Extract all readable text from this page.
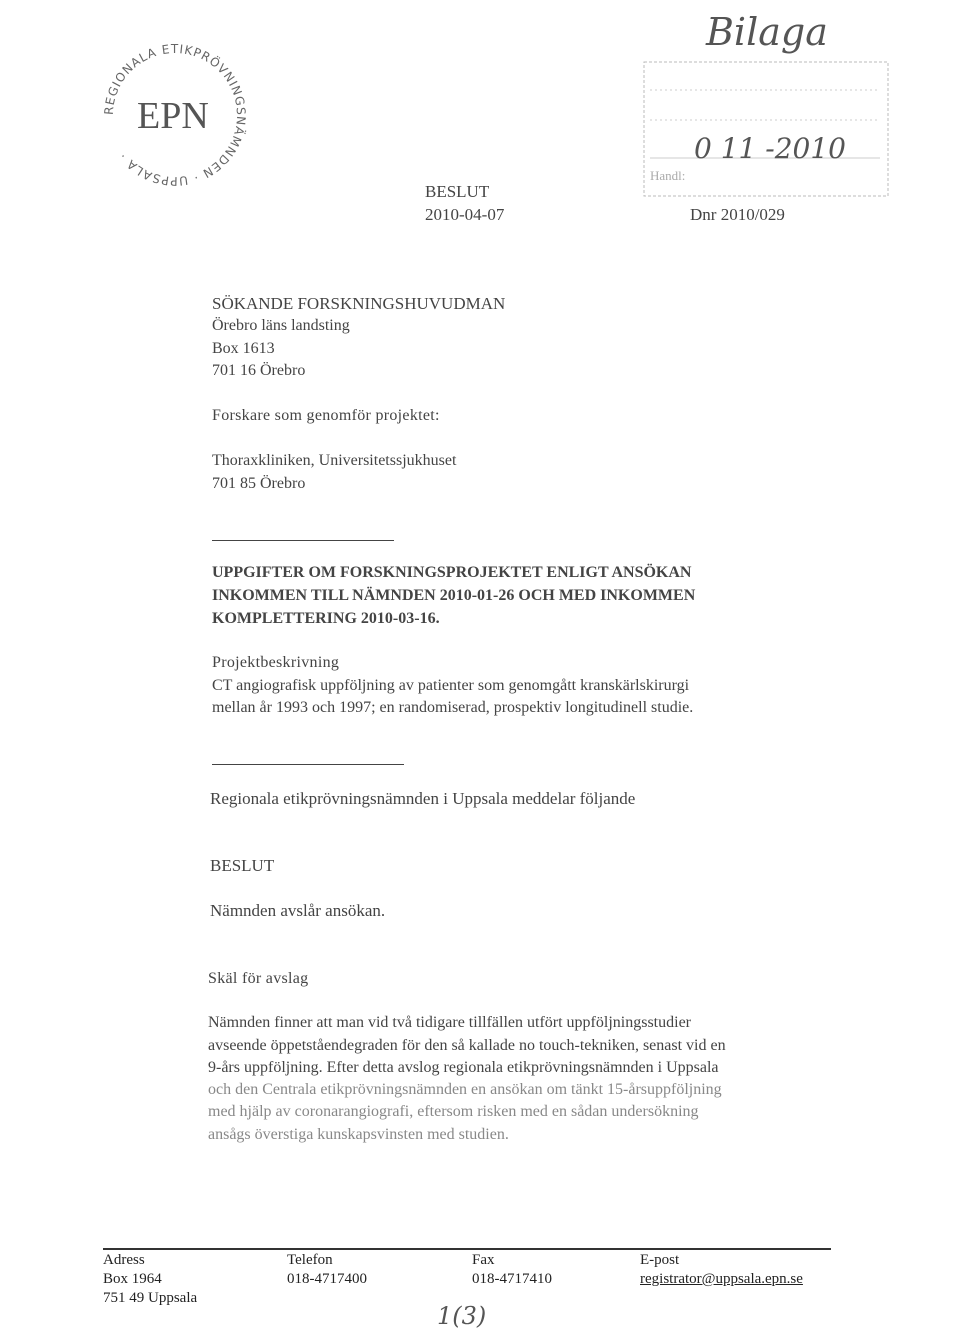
Bilaga
0 11 -2010
Handl:
REGIONALA ETIKPRÖVNINGSNÄMNDEN · UPPSALA ·
EPN
BESLUT
2010-04-07	Dnr 2010/029
SÖKANDE FORSKNINGSHUVUDMAN
Örebro läns landsting
Box 1613
701 16 Örebro
Forskare som genomför projektet:
Thoraxkliniken, Universitetssjukhuset
701 85 Örebro
UPPGIFTER OM FORSKNINGSPROJEKTET ENLIGT ANSÖKAN
INKOMMEN TILL NÄMNDEN 2010-01-26 OCH MED INKOMMEN
KOMPLETTERING 2010-03-16.
Projektbeskrivning
CT angiografisk uppföljning av patienter som genomgått kranskärlskirurgi
mellan år 1993 och 1997; en randomiserad, prospektiv longitudinell studie.
Regionala etikprövningsnämnden i Uppsala meddelar följande
BESLUT
Nämnden avslår ansökan.
Skäl för avslag
Nämnden finner att man vid två tidigare tillfällen utfört uppföljningsstudier
avseende öppetståendegraden för den så kallade no touch-tekniken, senast vid en
9-års uppföljning. Efter detta avslog regionala etikprövningsnämnden i Uppsala
och den Centrala etikprövningsnämnden en ansökan om tänkt 15-årsuppföljning
med hjälp av coronarangiografi, eftersom risken med en sådan undersökning
ansågs överstiga kunskapsvinsten med studien.
Adress
Box 1964
751 49 Uppsala
Telefon
018-4717400
Fax
018-4717410
E-post
registrator@uppsala.epn.se
1(3)
